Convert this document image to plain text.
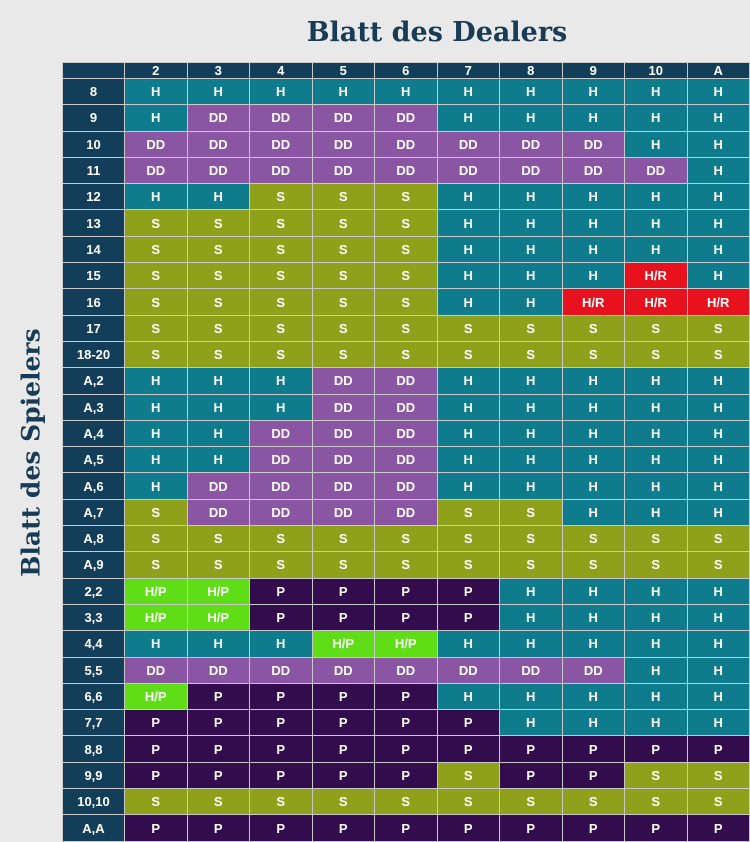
Blatt des Dealers
Blatt des Spielers
	2	3	4	5	6	7	8	9	10	A
8	H	H	H	H	H	H	H	H	H	H
9	H	DD	DD	DD	DD	H	H	H	H	H
10	DD	DD	DD	DD	DD	DD	DD	DD	H	H
11	DD	DD	DD	DD	DD	DD	DD	DD	DD	H
12	H	H	S	S	S	H	H	H	H	H
13	S	S	S	S	S	H	H	H	H	H
14	S	S	S	S	S	H	H	H	H	H
15	S	S	S	S	S	H	H	H	H/R	H
16	S	S	S	S	S	H	H	H/R	H/R	H/R
17	S	S	S	S	S	S	S	S	S	S
18-20	S	S	S	S	S	S	S	S	S	S
A,2	H	H	H	DD	DD	H	H	H	H	H
A,3	H	H	H	DD	DD	H	H	H	H	H
A,4	H	H	DD	DD	DD	H	H	H	H	H
A,5	H	H	DD	DD	DD	H	H	H	H	H
A,6	H	DD	DD	DD	DD	H	H	H	H	H
A,7	S	DD	DD	DD	DD	S	S	H	H	H
A,8	S	S	S	S	S	S	S	S	S	S
A,9	S	S	S	S	S	S	S	S	S	S
2,2	H/P	H/P	P	P	P	P	H	H	H	H
3,3	H/P	H/P	P	P	P	P	H	H	H	H
4,4	H	H	H	H/P	H/P	H	H	H	H	H
5,5	DD	DD	DD	DD	DD	DD	DD	DD	H	H
6,6	H/P	P	P	P	P	H	H	H	H	H
7,7	P	P	P	P	P	P	H	H	H	H
8,8	P	P	P	P	P	P	P	P	P	P
9,9	P	P	P	P	P	S	P	P	S	S
10,10	S	S	S	S	S	S	S	S	S	S
A,A	P	P	P	P	P	P	P	P	P	P
